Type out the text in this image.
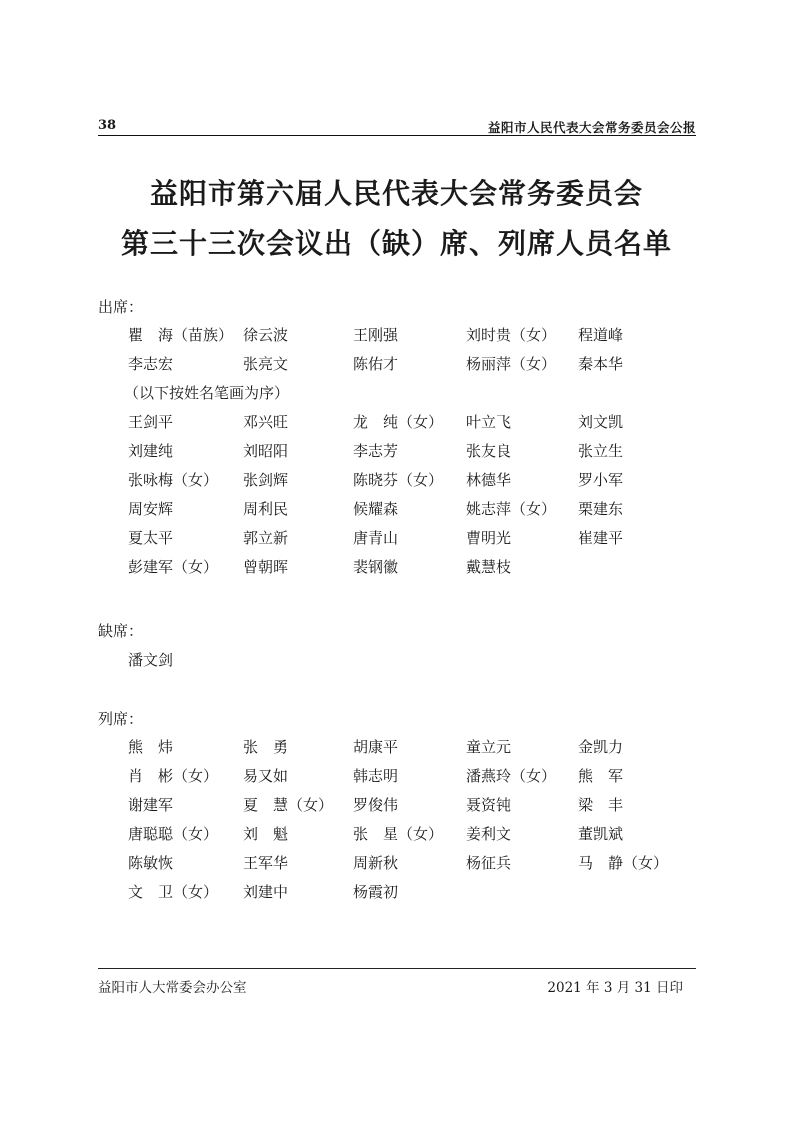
38	益阳市人民代表大会常务委员会公报
益阳市第六届人民代表大会常务委员会
第三十三次会议出（缺）席、列席人员名单
出席：
瞿　海（苗族） 徐云波	王刚强	刘时贵（女） 程道峰
李志宏	张亮文	陈佑才	杨丽萍（女） 秦本华
（以下按姓名笔画为序）
王剑平	邓兴旺	龙　纯（女） 叶立飞	刘文凯
刘建纯	刘昭阳	李志芳	张友良	张立生
张咏梅（女） 张剑辉	陈晓芬（女） 林德华	罗小军
周安辉	周利民	候耀森	姚志萍（女） 栗建东
夏太平	郭立新	唐青山	曹明光	崔建平
彭建军（女） 曾朝晖	裴钢徽	戴慧枝
缺席：
潘文剑
列席：
熊　炜	张　勇	胡康平	童立元	金凯力
肖　彬（女） 易又如	韩志明	潘燕玲（女） 熊　军
谢建军	夏　慧（女） 罗俊伟	聂资钝	梁　丰
唐聪聪（女） 刘　魁	张　星（女） 姜利文	董凯斌
陈敏恢	王军华	周新秋	杨征兵	马　静（女）
文　卫（女） 刘建中	杨霞初
益阳市人大常委会办公室	2021 年 3 月 31 日印
